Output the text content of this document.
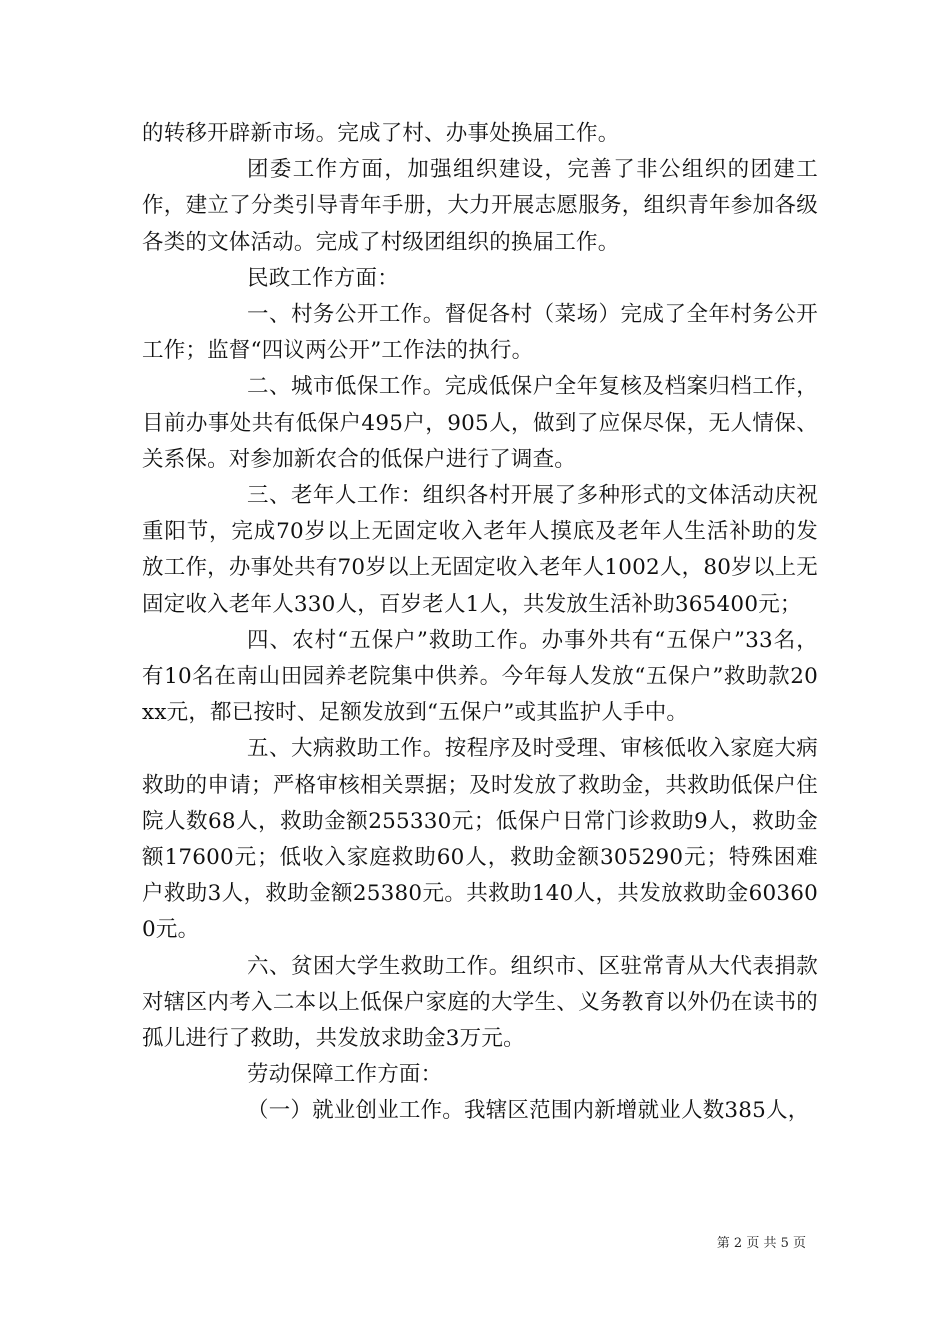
的转移开辟新市场。完成了村、办事处换届工作。

团委工作方面，加强组织建设，完善了非公组织的团建工作，建立了分类引导青年手册，大力开展志愿服务，组织青年参加各级各类的文体活动。完成了村级团组织的换届工作。

民政工作方面：

一、村务公开工作。督促各村（菜场）完成了全年村务公开工作；监督“四议两公开”工作法的执行。

二、城市低保工作。完成低保户全年复核及档案归档工作，目前办事处共有低保户495户，905人，做到了应保尽保，无人情保、关系保。对参加新农合的低保户进行了调查。

三、老年人工作：组织各村开展了多种形式的文体活动庆祝重阳节，完成70岁以上无固定收入老年人摸底及老年人生活补助的发放工作，办事处共有70岁以上无固定收入老年人1002人，80岁以上无固定收入老年人330人，百岁老人1人，共发放生活补助365400元；

四、农村“五保户”救助工作。办事外共有“五保户”33名，有10名在南山田园养老院集中供养。今年每人发放“五保户”救助款20xx元，都已按时、足额发放到“五保户”或其监护人手中。

五、大病救助工作。按程序及时受理、审核低收入家庭大病救助的申请；严格审核相关票据；及时发放了救助金，共救助低保户住院人数68人，救助金额255330元；低保户日常门诊救助9人，救助金额17600元；低收入家庭救助60人，救助金额305290元；特殊困难户救助3人，救助金额25380元。共救助140人，共发放救助金603600元。

六、贫困大学生救助工作。组织市、区驻常青从大代表捐款对辖区内考入二本以上低保户家庭的大学生、义务教育以外仍在读书的孤儿进行了救助，共发放求助金3万元。

劳动保障工作方面：

（一）就业创业工作。我辖区范围内新增就业人数385人，

第 2 页 共 5 页
